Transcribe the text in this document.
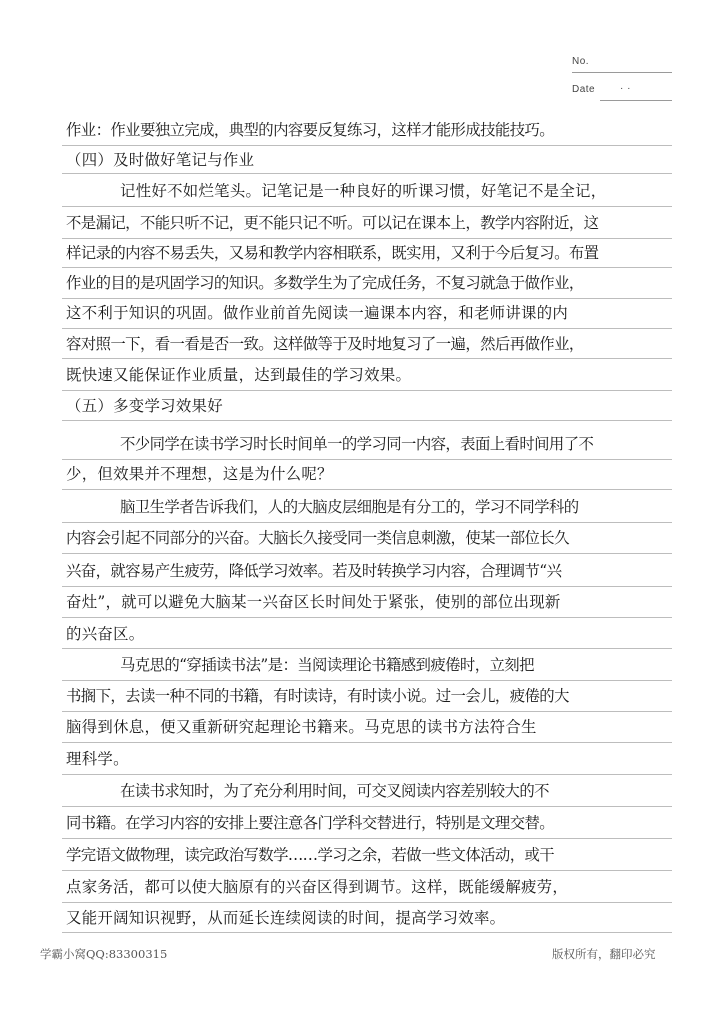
No.
Date · ·
作业：作业要独立完成，典型的内容要反复练习，这样才能形成技能技巧。
（四）及时做好笔记与作业
记性好不如烂笔头。记笔记是一种良好的听课习惯，好笔记不是全记，
不是漏记，不能只听不记，更不能只记不听。可以记在课本上，教学内容附近，这
样记录的内容不易丢失，又易和教学内容相联系，既实用，又利于今后复习。布置
作业的目的是巩固学习的知识。多数学生为了完成任务，不复习就急于做作业，
这不利于知识的巩固。做作业前首先阅读一遍课本内容，和老师讲课的内
容对照一下，看一看是否一致。这样做等于及时地复习了一遍，然后再做作业，
既快速又能保证作业质量，达到最佳的学习效果。
（五）多变学习效果好
不少同学在读书学习时长时间单一的学习同一内容，表面上看时间用了不
少，但效果并不理想，这是为什么呢？
脑卫生学者告诉我们，人的大脑皮层细胞是有分工的，学习不同学科的
内容会引起不同部分的兴奋。大脑长久接受同一类信息刺激，使某一部位长久
兴奋，就容易产生疲劳，降低学习效率。若及时转换学习内容，合理调节“兴
奋灶”，就可以避免大脑某一兴奋区长时间处于紧张，使别的部位出现新
的兴奋区。
马克思的“穿插读书法”是：当阅读理论书籍感到疲倦时，立刻把
书搁下，去读一种不同的书籍，有时读诗，有时读小说。过一会儿，疲倦的大
脑得到休息，便又重新研究起理论书籍来。马克思的读书方法符合生
理科学。
在读书求知时，为了充分利用时间，可交叉阅读内容差别较大的不
同书籍。在学习内容的安排上要注意各门学科交替进行，特别是文理交替。
学完语文做物理，读完政治写数学……学习之余，若做一些文体活动，或干
点家务活，都可以使大脑原有的兴奋区得到调节。这样，既能缓解疲劳，
又能开阔知识视野，从而延长连续阅读的时间，提高学习效率。
学霸小窝QQ:83300315	版权所有，翻印必究
